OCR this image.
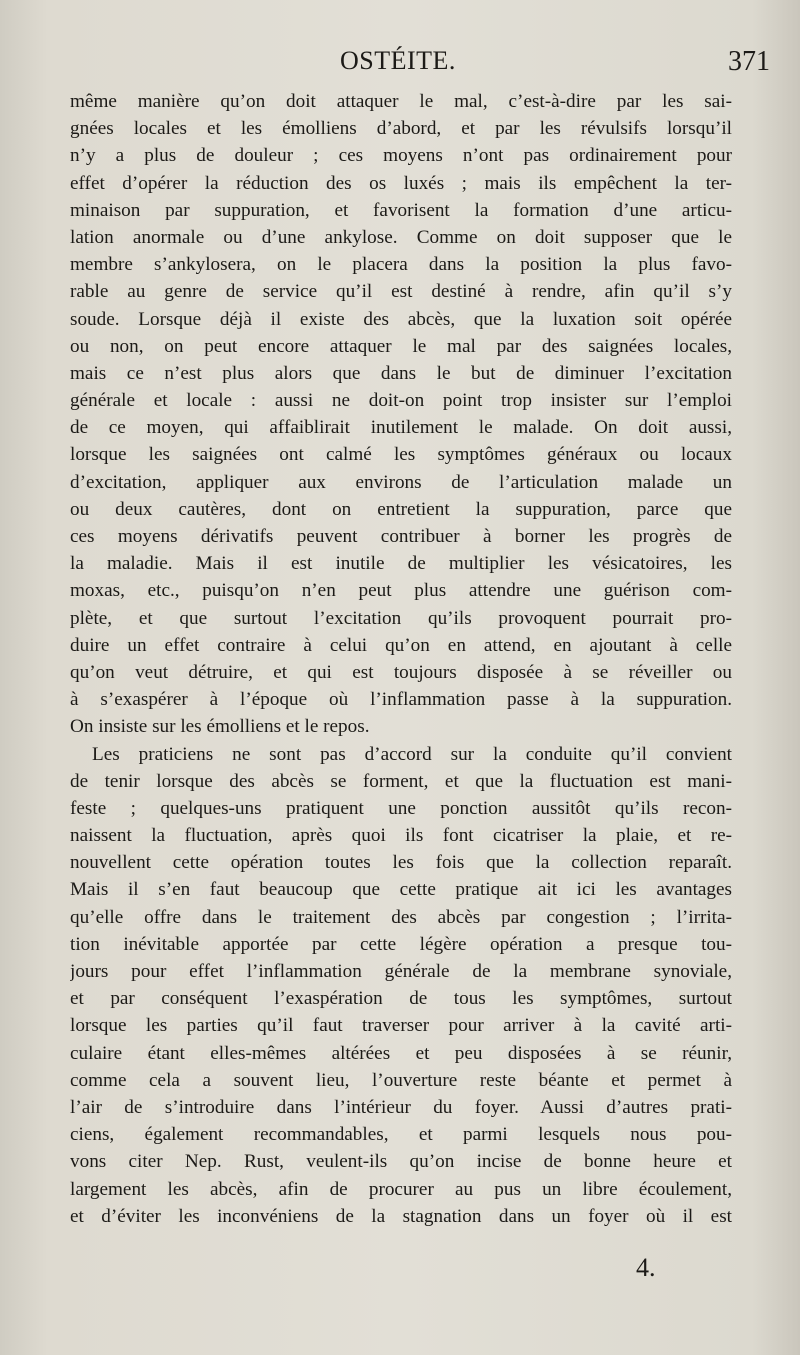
OSTÉITE.	371
même manière qu’on doit attaquer le mal, c’est-à-dire par les sai-
gnées locales et les émolliens d’abord, et par les révulsifs lorsqu’il
n’y a plus de douleur ; ces moyens n’ont pas ordinairement pour
effet d’opérer la réduction des os luxés ; mais ils empêchent la ter-
minaison par suppuration, et favorisent la formation d’une articu-
lation anormale ou d’une ankylose. Comme on doit supposer que le
membre s’ankylosera, on le placera dans la position la plus favo-
rable au genre de service qu’il est destiné à rendre, afin qu’il s’y
soude. Lorsque déjà il existe des abcès, que la luxation soit opérée
ou non, on peut encore attaquer le mal par des saignées locales,
mais ce n’est plus alors que dans le but de diminuer l’excitation
générale et locale : aussi ne doit-on point trop insister sur l’emploi
de ce moyen, qui affaiblirait inutilement le malade. On doit aussi,
lorsque les saignées ont calmé les symptômes généraux ou locaux
d’excitation, appliquer aux environs de l’articulation malade un
ou deux cautères, dont on entretient la suppuration, parce que
ces moyens dérivatifs peuvent contribuer à borner les progrès de
la maladie. Mais il est inutile de multiplier les vésicatoires, les
moxas, etc., puisqu’on n’en peut plus attendre une guérison com-
plète, et que surtout l’excitation qu’ils provoquent pourrait pro-
duire un effet contraire à celui qu’on en attend, en ajoutant à celle
qu’on veut détruire, et qui est toujours disposée à se réveiller ou
à s’exaspérer à l’époque où l’inflammation passe à la suppuration.
On insiste sur les émolliens et le repos.
Les praticiens ne sont pas d’accord sur la conduite qu’il convient
de tenir lorsque des abcès se forment, et que la fluctuation est mani-
feste ; quelques-uns pratiquent une ponction aussitôt qu’ils recon-
naissent la fluctuation, après quoi ils font cicatriser la plaie, et re-
nouvellent cette opération toutes les fois que la collection reparaît.
Mais il s’en faut beaucoup que cette pratique ait ici les avantages
qu’elle offre dans le traitement des abcès par congestion ; l’irrita-
tion inévitable apportée par cette légère opération a presque tou-
jours pour effet l’inflammation générale de la membrane synoviale,
et par conséquent l’exaspération de tous les symptômes, surtout
lorsque les parties qu’il faut traverser pour arriver à la cavité arti-
culaire étant elles-mêmes altérées et peu disposées à se réunir,
comme cela a souvent lieu, l’ouverture reste béante et permet à
l’air de s’introduire dans l’intérieur du foyer. Aussi d’autres prati-
ciens, également recommandables, et parmi lesquels nous pou-
vons citer Nep. Rust, veulent-ils qu’on incise de bonne heure et
largement les abcès, afin de procurer au pus un libre écoulement,
et d’éviter les inconvéniens de la stagnation dans un foyer où il est
4.
